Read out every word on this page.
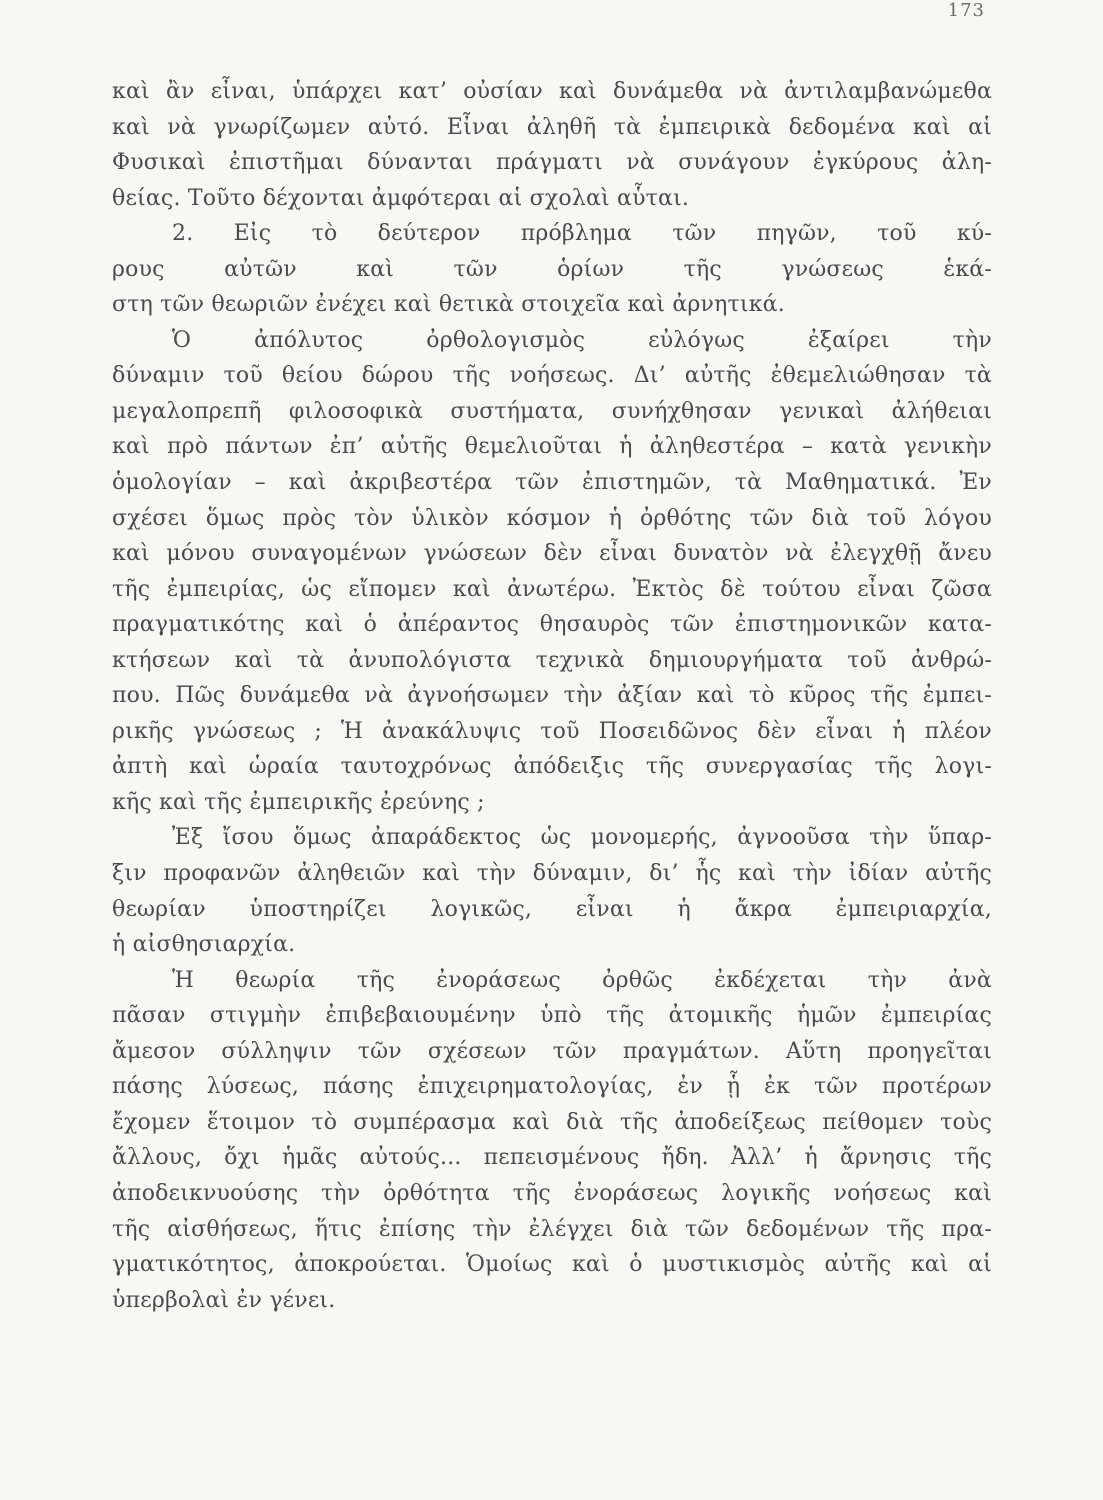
173
καὶ ἂν εἶναι, ὑπάρχει κατ’ οὐσίαν καὶ δυνάμεθα νὰ ἀντιλαμβανώμεθα
καὶ νὰ γνωρίζωμεν αὐτό. Εἶναι ἀληθῆ τὰ ἐμπειρικὰ δεδομένα καὶ αἱ
Φυσικαὶ ἐπιστῆμαι δύνανται πράγματι νὰ συνάγουν ἐγκύρους ἀλη-
θείας. Τοῦτο δέχονται ἀμφότεραι αἱ σχολαὶ αὗται.
2. Εἰς τὸ δεύτερον πρόβλημα τῶν πηγῶν, τοῦ κύ-
ρους αὐτῶν καὶ τῶν ὁρίων τῆς γνώσεως ἑκά-
στη τῶν θεωριῶν ἐνέχει καὶ θετικὰ στοιχεῖα καὶ ἀρνητικά.
Ὁ ἀπόλυτος ὀρθολογισμὸς εὐλόγως ἐξαίρει τὴν
δύναμιν τοῦ θείου δώρου τῆς νοήσεως. Δι’ αὐτῆς ἐθεμελιώθησαν τὰ
μεγαλοπρεπῆ φιλοσοφικὰ συστήματα, συνήχθησαν γενικαὶ ἀλήθειαι
καὶ πρὸ πάντων ἐπ’ αὐτῆς θεμελιοῦται ἡ ἀληθεστέρα – κατὰ γενικὴν
ὁμολογίαν – καὶ ἀκριβεστέρα τῶν ἐπιστημῶν, τὰ Μαθηματικά. Ἐν
σχέσει ὅμως πρὸς τὸν ὑλικὸν κόσμον ἡ ὀρθότης τῶν διὰ τοῦ λόγου
καὶ μόνου συναγομένων γνώσεων δὲν εἶναι δυνατὸν νὰ ἐλεγχθῇ ἄνευ
τῆς ἐμπειρίας, ὡς εἴπομεν καὶ ἀνωτέρω. Ἐκτὸς δὲ τούτου εἶναι ζῶσα
πραγματικότης καὶ ὁ ἀπέραντος θησαυρὸς τῶν ἐπιστημονικῶν κατα-
κτήσεων καὶ τὰ ἀνυπολόγιστα τεχνικὰ δημιουργήματα τοῦ ἀνθρώ-
που. Πῶς δυνάμεθα νὰ ἀγνοήσωμεν τὴν ἀξίαν καὶ τὸ κῦρος τῆς ἐμπει-
ρικῆς γνώσεως ; Ἡ ἀνακάλυψις τοῦ Ποσειδῶνος δὲν εἶναι ἡ πλέον
ἀπτὴ καὶ ὡραία ταυτοχρόνως ἀπόδειξις τῆς συνεργασίας τῆς λογι-
κῆς καὶ τῆς ἐμπειρικῆς ἐρεύνης ;
Ἐξ ἴσου ὅμως ἀπαράδεκτος ὡς μονομερής, ἀγνοοῦσα τὴν ὕπαρ-
ξιν προφανῶν ἀληθειῶν καὶ τὴν δύναμιν, δι’ ἧς καὶ τὴν ἰδίαν αὐτῆς
θεωρίαν ὑποστηρίζει λογικῶς, εἶναι ἡ ἄκρα ἐμπειριαρχία,
ἡ αἰσθησιαρχία.
Ἡ θεωρία τῆς ἐνοράσεως ὀρθῶς ἐκδέχεται τὴν ἀνὰ
πᾶσαν στιγμὴν ἐπιβεβαιουμένην ὑπὸ τῆς ἀτομικῆς ἡμῶν ἐμπειρίας
ἄμεσον σύλληψιν τῶν σχέσεων τῶν πραγμάτων. Αὕτη προηγεῖται
πάσης λύσεως, πάσης ἐπιχειρηματολογίας, ἐν ᾗ ἐκ τῶν προτέρων
ἔχομεν ἕτοιμον τὸ συμπέρασμα καὶ διὰ τῆς ἀποδείξεως πείθομεν τοὺς
ἄλλους, ὄχι ἡμᾶς αὐτούς... πεπεισμένους ἤδη. Ἀλλ’ ἡ ἄρνησις τῆς
ἀποδεικνυούσης τὴν ὀρθότητα τῆς ἐνοράσεως λογικῆς νοήσεως καὶ
τῆς αἰσθήσεως, ἥτις ἐπίσης τὴν ἐλέγχει διὰ τῶν δεδομένων τῆς πρα-
γματικότητος, ἀποκρούεται. Ὁμοίως καὶ ὁ μυστικισμὸς αὐτῆς καὶ αἱ
ὑπερβολαὶ ἐν γένει.
